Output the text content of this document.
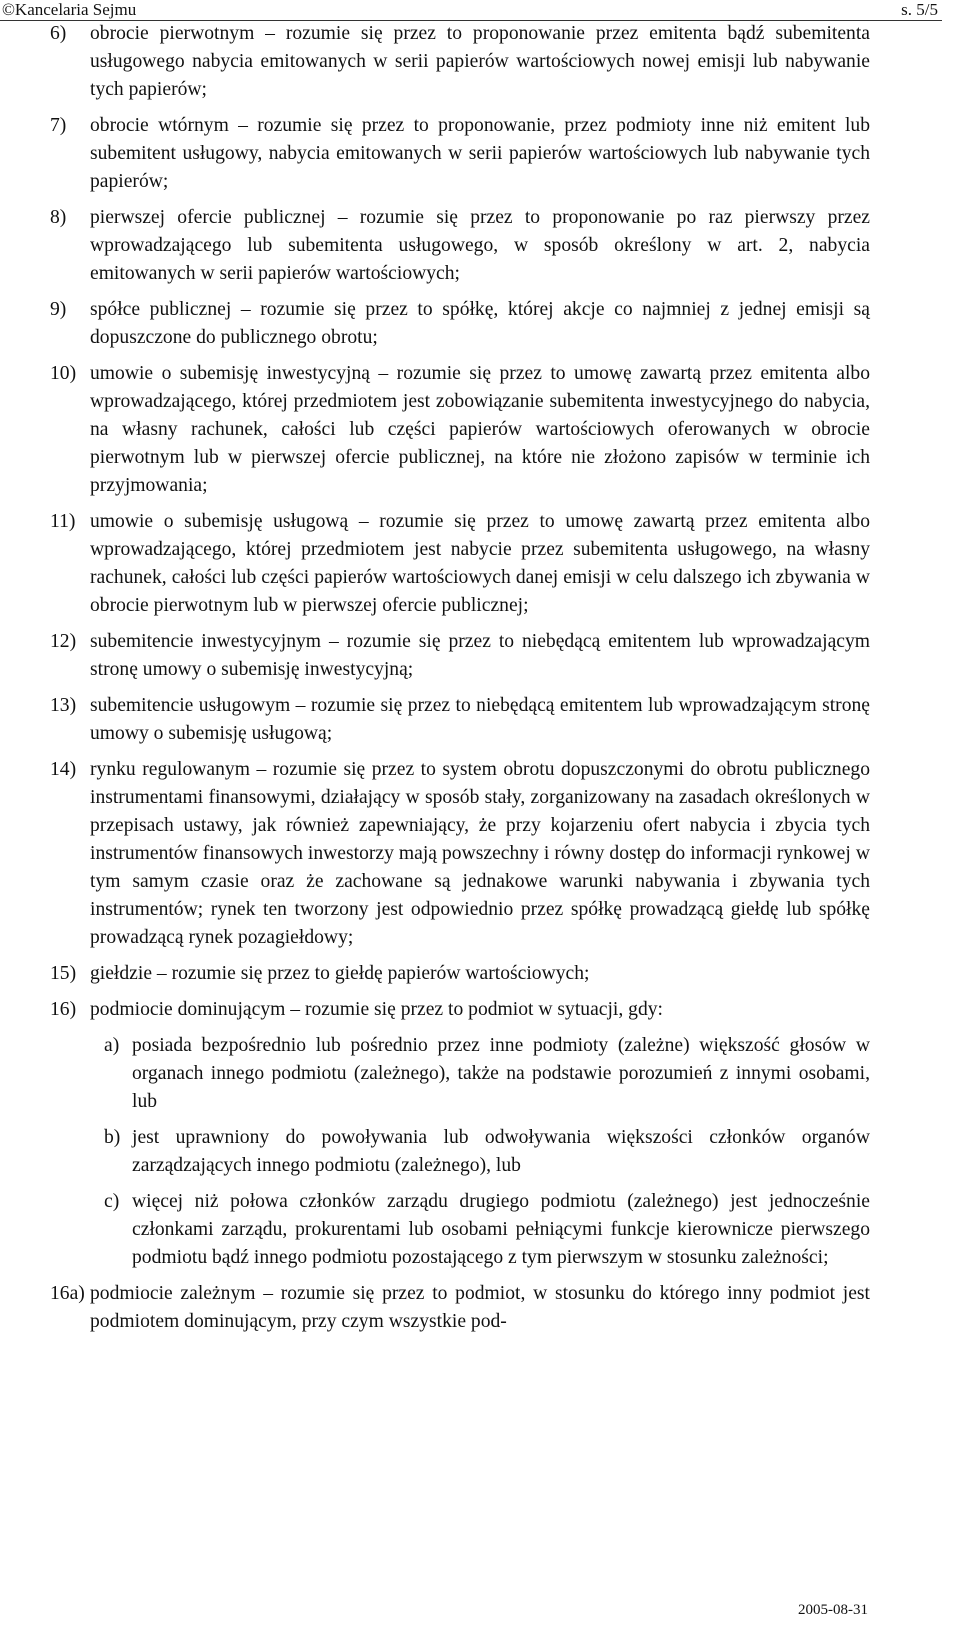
©Kancelaria Sejmu	s. 5/5
6)	obrocie pierwotnym – rozumie się przez to proponowanie przez emitenta bądź subemitenta usługowego nabycia emitowanych w serii papierów wartościowych nowej emisji lub nabywanie tych papierów;
7)	obrocie wtórnym – rozumie się przez to proponowanie, przez podmioty inne niż emitent lub subemitent usługowy, nabycia emitowanych w serii papierów wartościowych lub nabywanie tych papierów;
8)	pierwszej ofercie publicznej – rozumie się przez to proponowanie po raz pierwszy przez wprowadzającego lub subemitenta usługowego, w sposób określony w art. 2, nabycia emitowanych w serii papierów wartościowych;
9)	spółce publicznej – rozumie się przez to spółkę, której akcje co najmniej z jednej emisji są dopuszczone do publicznego obrotu;
10) umowie o subemisję inwestycyjną – rozumie się przez to umowę zawartą przez emitenta albo wprowadzającego, której przedmiotem jest zobowiązanie subemitenta inwestycyjnego do nabycia, na własny rachunek, całości lub części papierów wartościowych oferowanych w obrocie pierwotnym lub w pierwszej ofercie publicznej, na które nie złożono zapisów w terminie ich przyjmowania;
11) umowie o subemisję usługową – rozumie się przez to umowę zawartą przez emitenta albo wprowadzającego, której przedmiotem jest nabycie przez subemitenta usługowego, na własny rachunek, całości lub części papierów wartościowych danej emisji w celu dalszego ich zbywania w obrocie pierwotnym lub w pierwszej ofercie publicznej;
12) subemitencie inwestycyjnym – rozumie się przez to niebędącą emitentem lub wprowadzającym stronę umowy o subemisję inwestycyjną;
13) subemitencie usługowym – rozumie się przez to niebędącą emitentem lub wprowadzającym stronę umowy o subemisję usługową;
14) rynku regulowanym – rozumie się przez to system obrotu dopuszczonymi do obrotu publicznego instrumentami finansowymi, działający w sposób stały, zorganizowany na zasadach określonych w przepisach ustawy, jak również zapewniający, że przy kojarzeniu ofert nabycia i zbycia tych instrumentów finansowych inwestorzy mają powszechny i równy dostęp do informacji rynkowej w tym samym czasie oraz że zachowane są jednakowe warunki nabywania i zbywania tych instrumentów; rynek ten tworzony jest odpowiednio przez spółkę prowadzącą giełdę lub spółkę prowadzącą rynek pozagiełdowy;
15) giełdzie – rozumie się przez to giełdę papierów wartościowych;
16) podmiocie dominującym – rozumie się przez to podmiot w sytuacji, gdy:
a) posiada bezpośrednio lub pośrednio przez inne podmioty (zależne) większość głosów w organach innego podmiotu (zależnego), także na podstawie porozumień z innymi osobami, lub
b) jest uprawniony do powoływania lub odwoływania większości członków organów zarządzających innego podmiotu (zależnego), lub
c) więcej niż połowa członków zarządu drugiego podmiotu (zależnego) jest jednocześnie członkami zarządu, prokurentami lub osobami pełniącymi funkcje kierownicze pierwszego podmiotu bądź innego podmiotu pozostającego z tym pierwszym w stosunku zależności;
16a) podmiocie zależnym – rozumie się przez to podmiot, w stosunku do którego inny podmiot jest podmiotem dominującym, przy czym wszystkie pod-
2005-08-31
